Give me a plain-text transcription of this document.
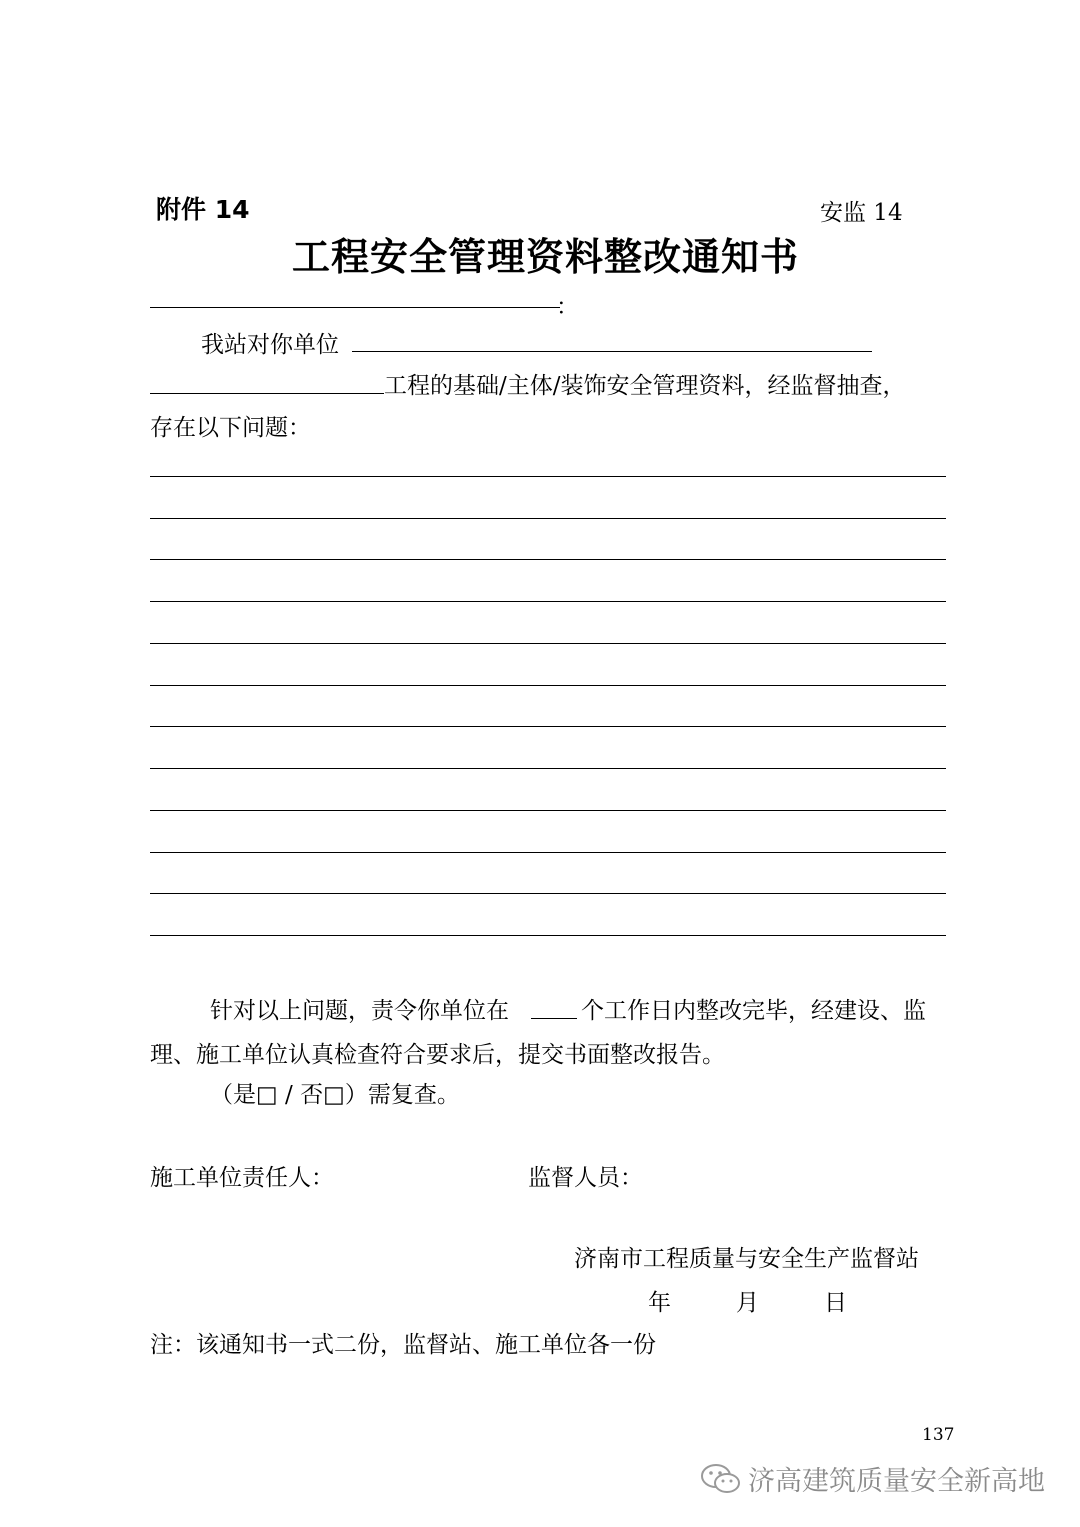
附件 14	安监 14
工程安全管理资料整改通知书
：
我站对你单位
工程的基础/主体/装饰安全管理资料，经监督抽查，
存在以下问题：
针对以上问题，责令你单位在	个工作日内整改完毕，经建设、监
理、施工单位认真检查符合要求后，提交书面整改报告。
（是□ / 否□）需复查。
施工单位责任人：	监督人员：
济南市工程质量与安全生产监督站
年	月	日
注：该通知书一式二份，监督站、施工单位各一份
137
济高建筑质量安全新高地
